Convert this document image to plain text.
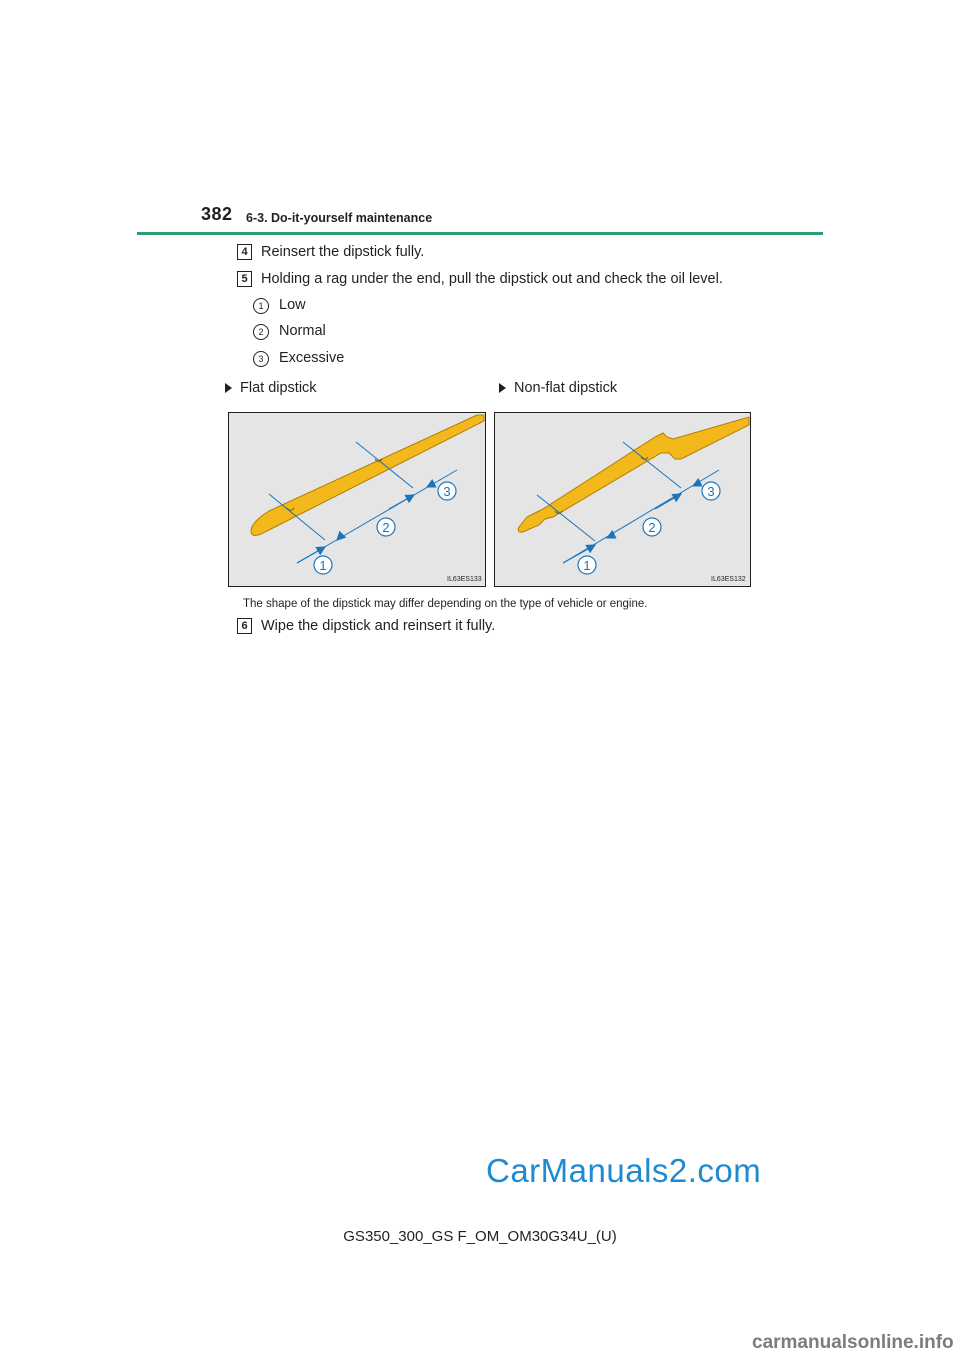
382 6-3. Do-it-yourself maintenance
4 Reinsert the dipstick fully.
5 Holding a rag under the end, pull the dipstick out and check the oil level.
1	Low
2	Normal
3	Excessive
Flat dipstick	Non-flat dipstick
1
2
3
IL63ES133
1
2
3
IL63ES132
The shape of the dipstick may differ depending on the type of vehicle or engine.
6 Wipe the dipstick and reinsert it fully.
CarManuals2.com
GS350_300_GS F_OM_OM30G34U_(U)
carmanualsonline.info
